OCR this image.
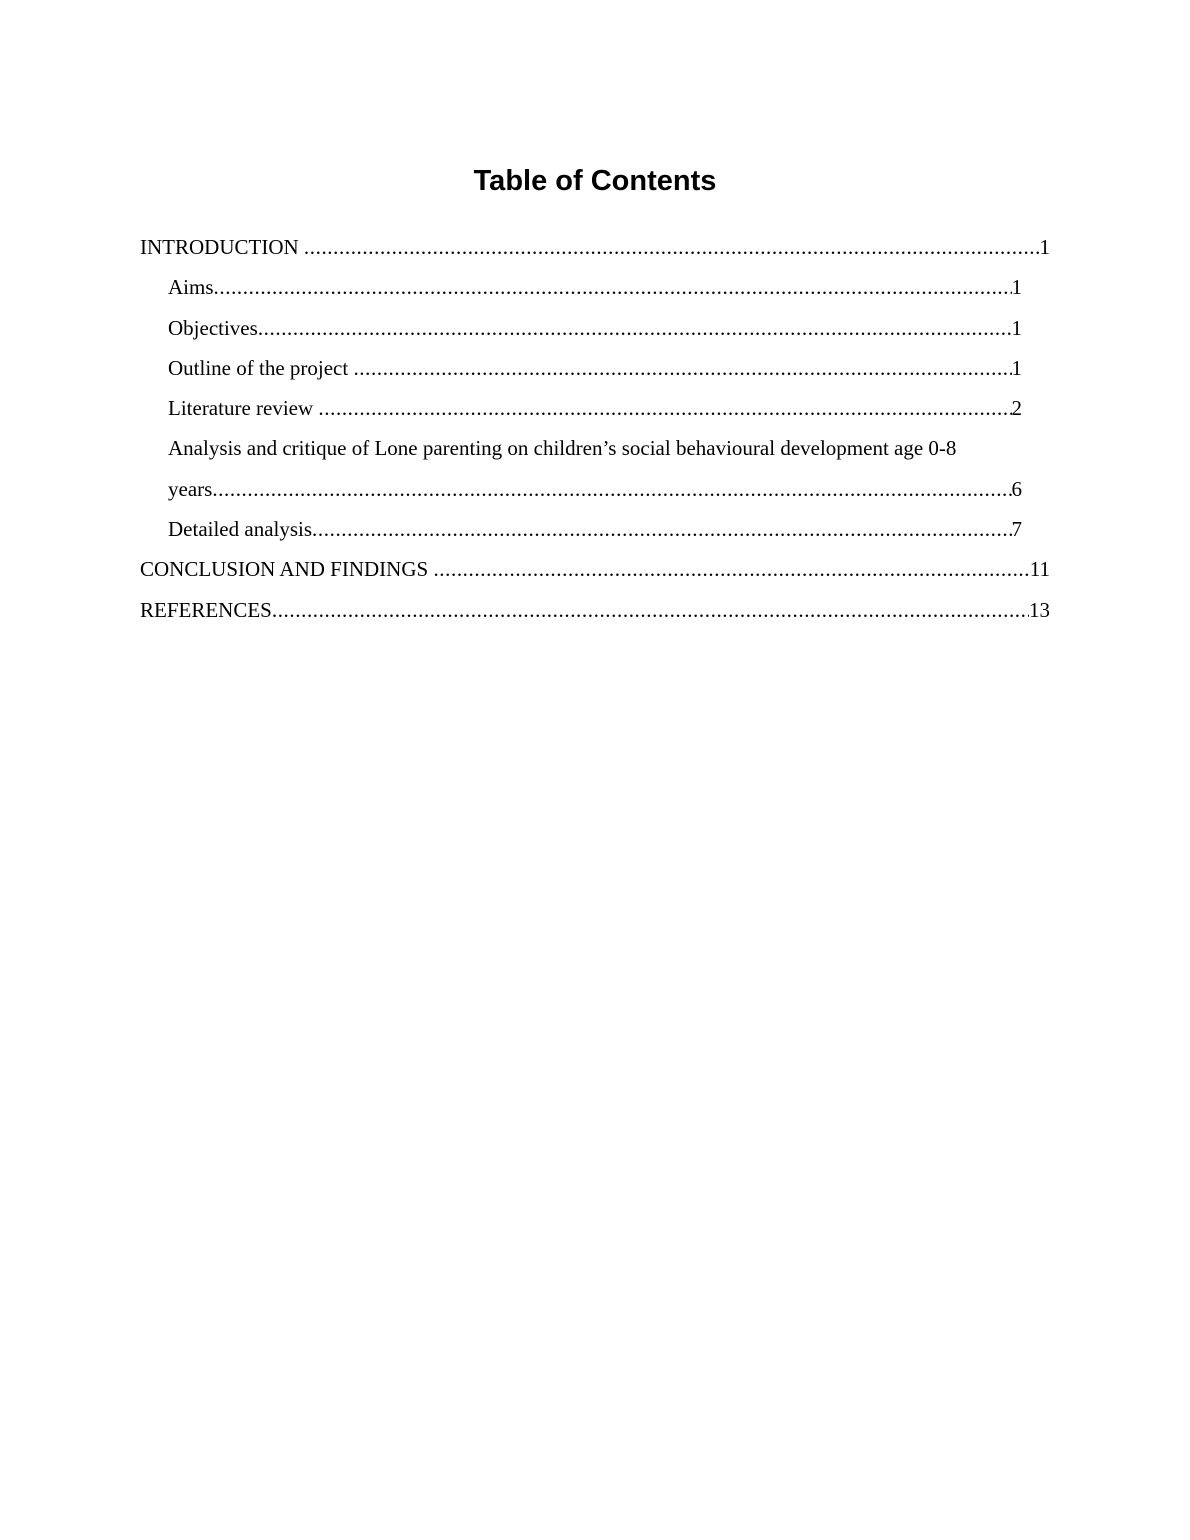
Table of Contents
INTRODUCTION .....	1
Aims .....	1
Objectives .....	1
Outline of the project .....	1
Literature review .....	2
Analysis and critique of Lone parenting on children’s social behavioural development age 0-8
years .....	6
Detailed analysis .....	7
CONCLUSION AND FINDINGS .....	11
REFERENCES .....	13
